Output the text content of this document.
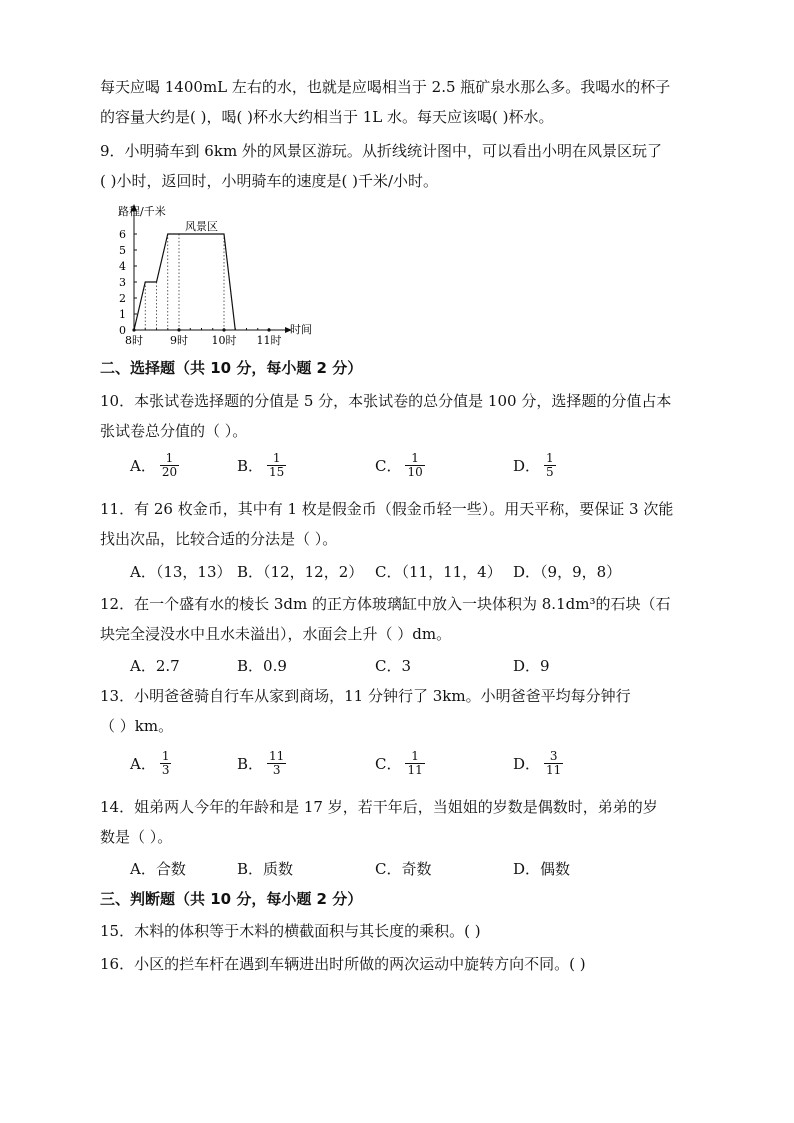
每天应喝 1400mL 左右的水，也就是应喝相当于 2.5 瓶矿泉水那么多。我喝水的杯子
的容量大约是( )，喝( )杯水大约相当于 1L 水。每天应该喝( )杯水。
9．小明骑车到 6km 外的风景区游玩。从折线统计图中，可以看出小明在风景区玩了
( )小时，返回时，小明骑车的速度是( )千米/小时。
路程/千米
时间
0
1
2
3
4
5
6
8时 9时 10时 11时
风景区
二、选择题（共 10 分，每小题 2 分）
10．本张试卷选择题的分值是 5 分，本张试卷的总分值是 100 分，选择题的分值占本
张试卷总分值的（ ）。
A． $\frac{1}{20}$	B． $\frac{1}{15}$	C． $\frac{1}{10}$	D． $\frac{1}{5}$
11．有 26 枚金币，其中有 1 枚是假金币（假金币轻一些）。用天平称，要保证 3 次能
找出次品，比较合适的分法是（ ）。
A．（13，13） B．（12，12，2） C．（11，11，4） D．（9，9，8）
12．在一个盛有水的棱长 3dm 的正方体玻璃缸中放入一块体积为 8.1dm³的石块（石
块完全浸没水中且水未溢出），水面会上升（ ）dm。
A．2.7	B．0.9	C．3	D．9
13．小明爸爸骑自行车从家到商场，11 分钟行了 3km。小明爸爸平均每分钟行
（ ）km。
A． $\frac{1}{3}$	B． $\frac{11}{3}$	C． $\frac{1}{11}$	D． $\frac{3}{11}$
14．姐弟两人今年的年龄和是 17 岁，若干年后，当姐姐的岁数是偶数时，弟弟的岁
数是（ ）。
A．合数	B．质数	C．奇数	D．偶数
三、判断题（共 10 分，每小题 2 分）
15．木料的体积等于木料的横截面积与其长度的乘积。( )
16．小区的拦车杆在遇到车辆进出时所做的两次运动中旋转方向不同。( )
